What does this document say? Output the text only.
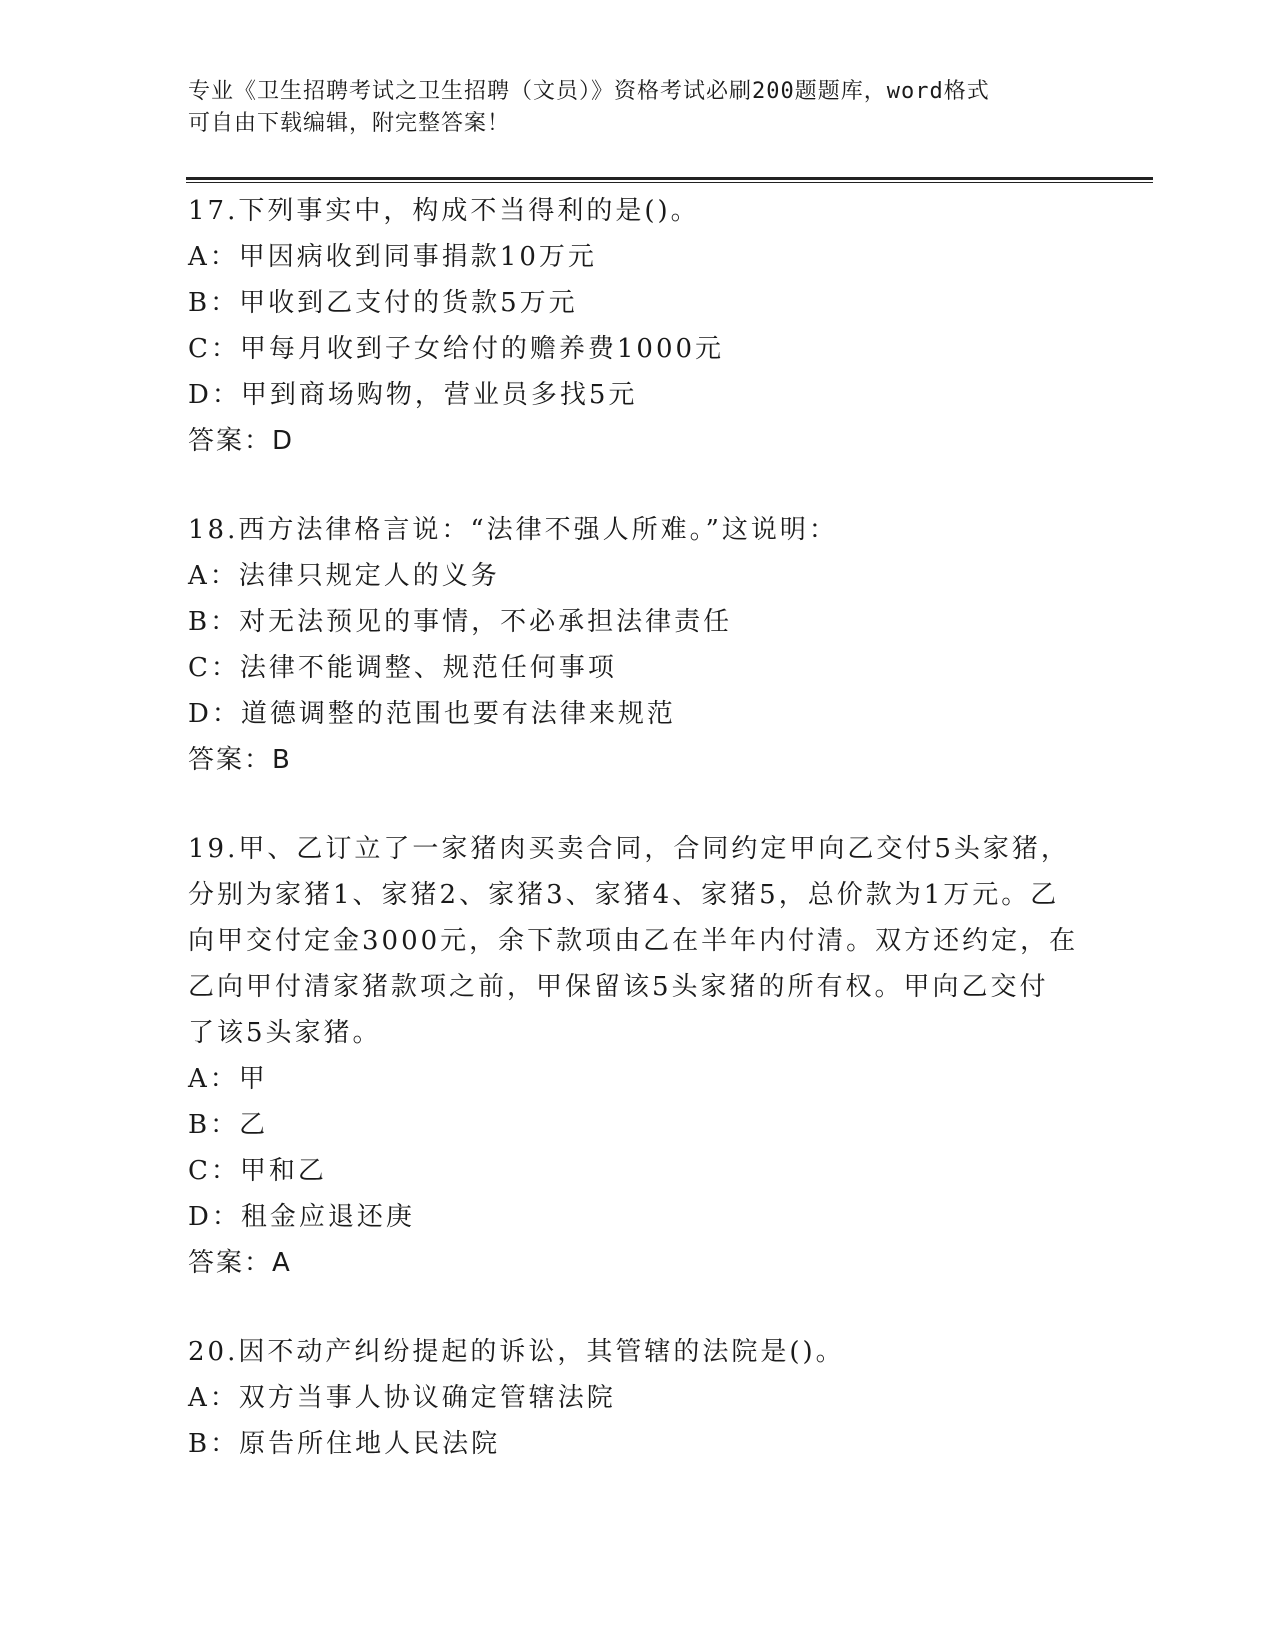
专业《卫生招聘考试之卫生招聘（文员）》资格考试必刷200题题库，word格式
可自由下载编辑，附完整答案！
17.下列事实中，构成不当得利的是()。
A：甲因病收到同事捐款10万元
B：甲收到乙支付的货款5万元
C：甲每月收到子女给付的赡养费1000元
D：甲到商场购物，营业员多找5元
答案：D
18.西方法律格言说：“法律不强人所难。”这说明：
A：法律只规定人的义务
B：对无法预见的事情，不必承担法律责任
C：法律不能调整、规范任何事项
D：道德调整的范围也要有法律来规范
答案：B
19.甲、乙订立了一家猪肉买卖合同，合同约定甲向乙交付5头家猪，
分别为家猪1、家猪2、家猪3、家猪4、家猪5，总价款为1万元。乙
向甲交付定金3000元，余下款项由乙在半年内付清。双方还约定，在
乙向甲付清家猪款项之前，甲保留该5头家猪的所有权。甲向乙交付
了该5头家猪。
A：甲
B：乙
C：甲和乙
D：租金应退还庚
答案：A
20.因不动产纠纷提起的诉讼，其管辖的法院是()。
A：双方当事人协议确定管辖法院
B：原告所住地人民法院
